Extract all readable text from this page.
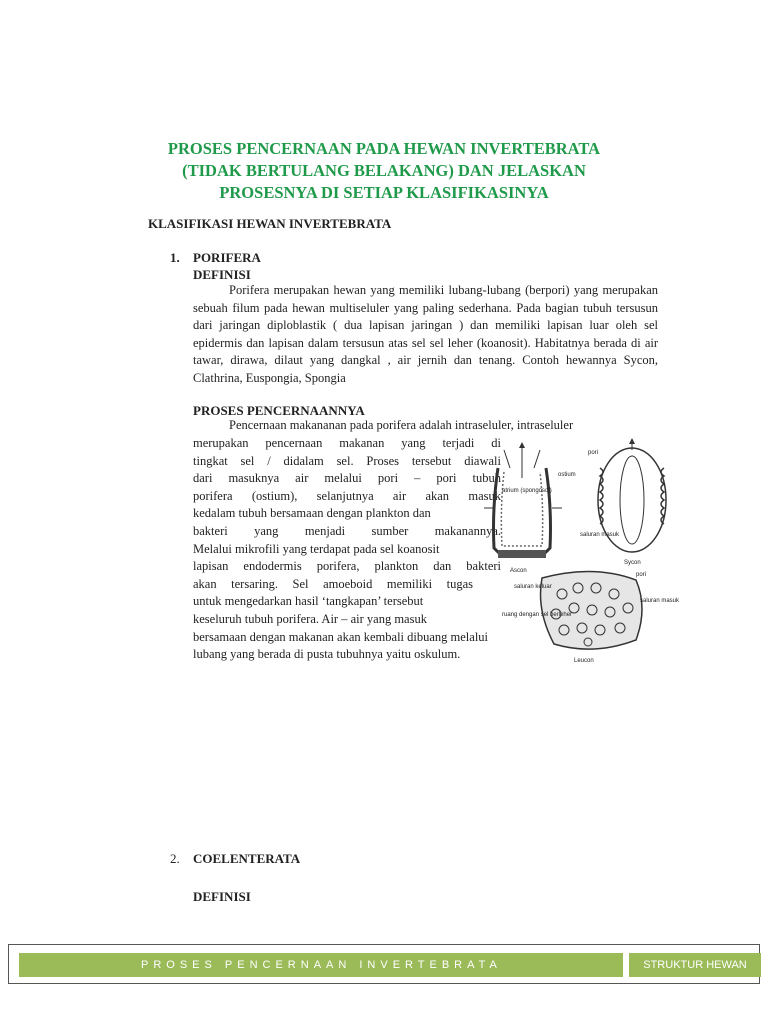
PROSES PENCERNAAN PADA HEWAN INVERTEBRATA
(TIDAK BERTULANG BELAKANG) DAN JELASKAN
PROSESNYA DI SETIAP KLASIFIKASINYA
KLASIFIKASI HEWAN INVERTEBRATA
1. PORIFERA
DEFINISI
Porifera merupakan hewan yang memiliki lubang-lubang (berpori) yang merupakan sebuah filum pada hewan multiseluler yang paling sederhana. Pada bagian tubuh tersusun dari jaringan diploblastik ( dua lapisan jaringan ) dan memiliki lapisan luar oleh sel epidermis dan lapisan dalam tersusun atas sel sel leher (koanosit). Habitatnya berada di air tawar, dirawa, dilaut yang dangkal , air jernih dan tenang. Contoh hewannya Sycon, Clathrina, Euspongia, Spongia
PROSES PENCERNAANNYA
Pencernaan makananan pada porifera adalah intraseluler, intraseluler
merupakan pencernaan makanan yang terjadi di
tingkat sel / didalam sel. Proses tersebut diawali
dari masuknya air melalui pori – pori tubuh
porifera (ostium), selanjutnya air akan masuk
kedalam tubuh bersamaan dengan plankton dan
bakteri yang menjadi sumber makanannya.
Melalui mikrofili yang terdapat pada sel koanosit
lapisan endodermis porifera, plankton dan bakteri
akan tersaring. Sel amoeboid memiliki tugas
untuk mengedarkan hasil ‘tangkapan’ tersebut
keseluruh tubuh porifera. Air – air yang masuk
bersamaan dengan makanan akan kembali dibuang melalui
lubang yang berada di pusta tubuhnya yaitu oskulum.
atrium (spongosol)
Ascon
pori
ostium
saluran masuk
Sycon
saluran keluar
pori
saluran masuk
ruang dengan sel berleher
Leucon
2. COELENTERATA
DEFINISI
PROSES PENCERNAAN INVERTEBRATA	STRUKTUR HEWAN
